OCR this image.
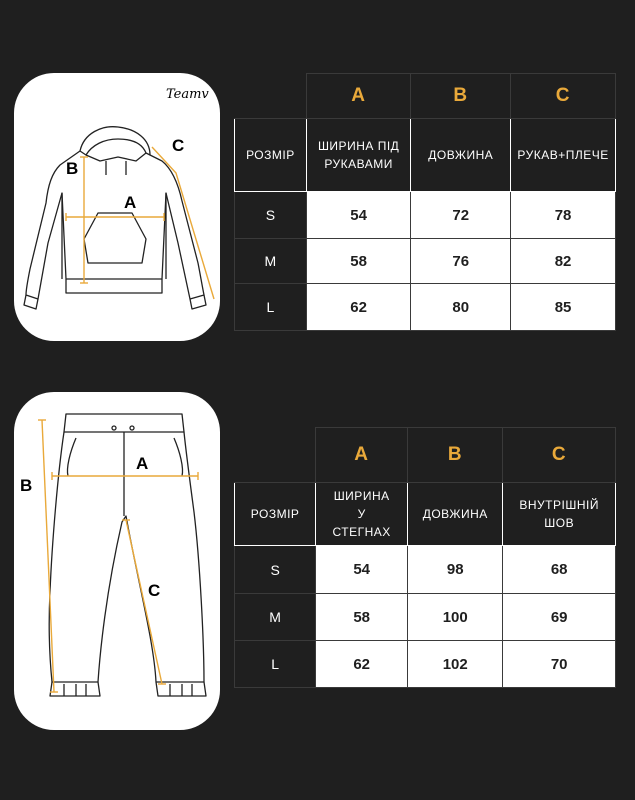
Teamv
B
A
C
	A	B	C
РОЗМІР	ШИРИНА ПІД РУКАВАМИ	ДОВЖИНА	РУКАВ+ПЛЕЧЕ
S	54	72	78
M	58	76	82
L	62	80	85
A
B
C
	A	B	C
РОЗМІР	ШИРИНА У СТЕГНАХ	ДОВЖИНА	ВНУТРІШНІЙ ШОВ
S	54	98	68
M	58	100	69
L	62	102	70
